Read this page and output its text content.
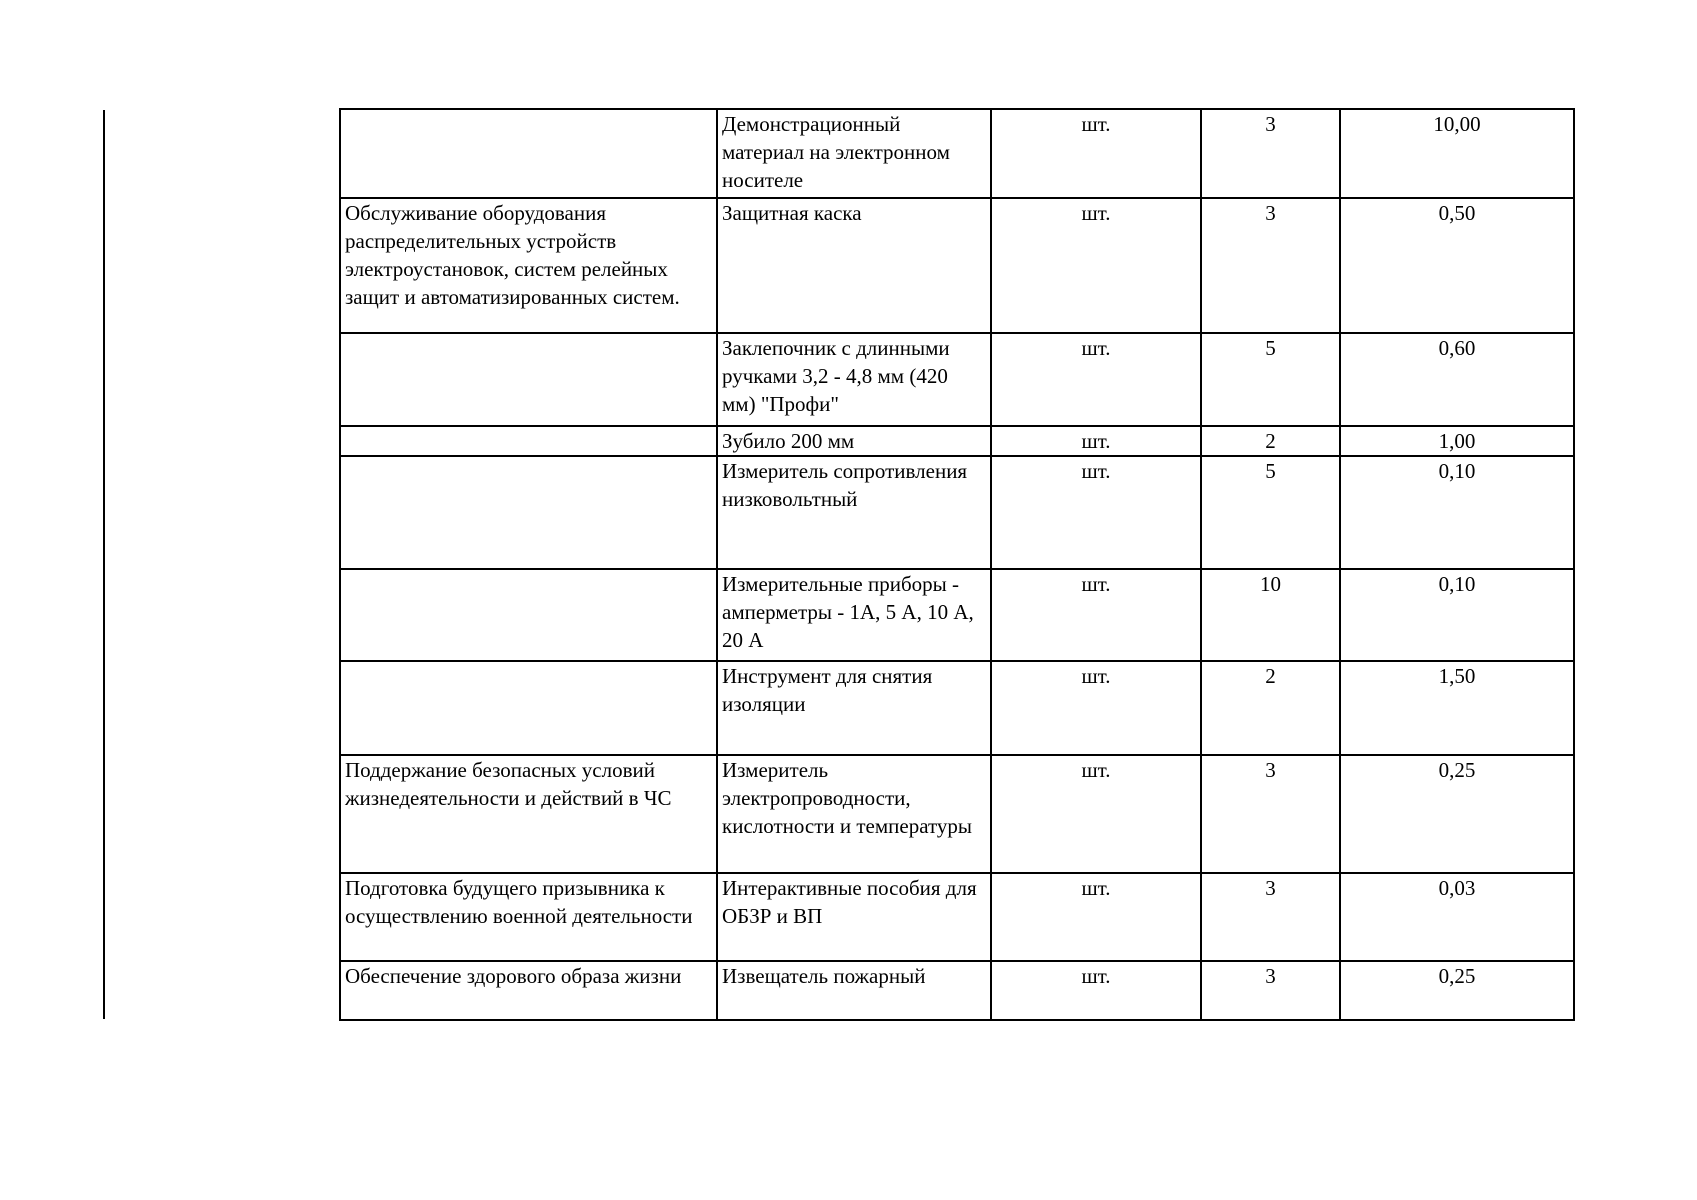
	Демонстрационный материал на электронном носителе	шт.	3	10,00
Обслуживание оборудования распределительных устройств электроустановок, систем релейных защит и автоматизированных систем.	Защитная каска	шт.	3	0,50
	Заклепочник с длинными ручками 3,2 - 4,8 мм (420 мм) "Профи"	шт.	5	0,60
	Зубило 200 мм	шт.	2	1,00
	Измеритель сопротивления низковольтный	шт.	5	0,10
	Измерительные приборы - амперметры - 1А, 5 А, 10 А, 20 А	шт.	10	0,10
	Инструмент для снятия изоляции	шт.	2	1,50
Поддержание безопасных условий жизнедеятельности и действий в ЧС	Измеритель электропроводности, кислотности и температуры	шт.	3	0,25
Подготовка будущего призывника к осуществлению военной деятельности	Интерактивные пособия для ОБЗР и ВП	шт.	3	0,03
Обеспечение здорового образа жизни	Извещатель пожарный	шт.	3	0,25
